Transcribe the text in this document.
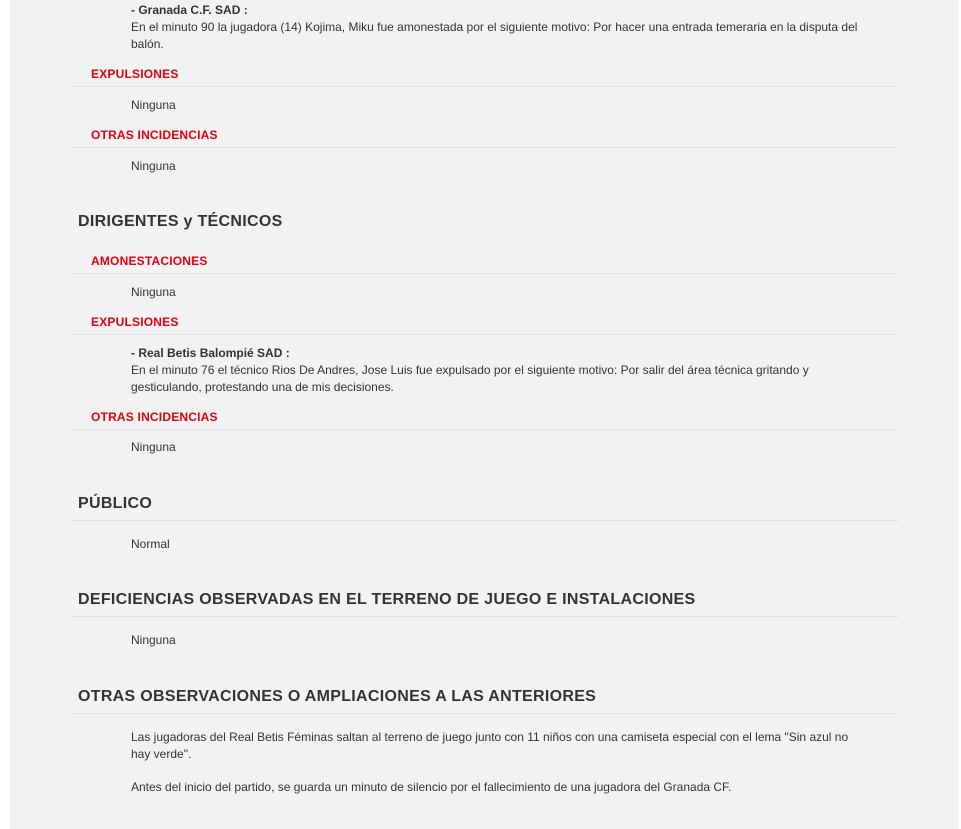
- Granada C.F. SAD :

En el minuto 90 la jugadora (14) Kojima, Miku fue amonestada por el siguiente motivo: Por hacer una entrada temeraria en la disputa del balón.

EXPULSIONES
Ninguna
OTRAS INCIDENCIAS
Ninguna
DIRIGENTES y TÉCNICOS
AMONESTACIONES
Ninguna
EXPULSIONES

- Real Betis Balompié SAD :

En el minuto 76 el técnico Rios De Andres, Jose Luis fue expulsado por el siguiente motivo: Por salir del área técnica gritando y gesticulando, protestando una de mis decisiones.

OTRAS INCIDENCIAS
Ninguna
PÚBLICO
Normal
DEFICIENCIAS OBSERVADAS EN EL TERRENO DE JUEGO E INSTALACIONES
Ninguna
OTRAS OBSERVACIONES O AMPLIACIONES A LAS ANTERIORES

Las jugadoras del Real Betis Féminas saltan al terreno de juego junto con 11 niños con una camiseta especial con el lema "Sin azul no hay verde".

Antes del inicio del partido, se guarda un minuto de silencio por el fallecimiento de una jugadora del Granada CF.
